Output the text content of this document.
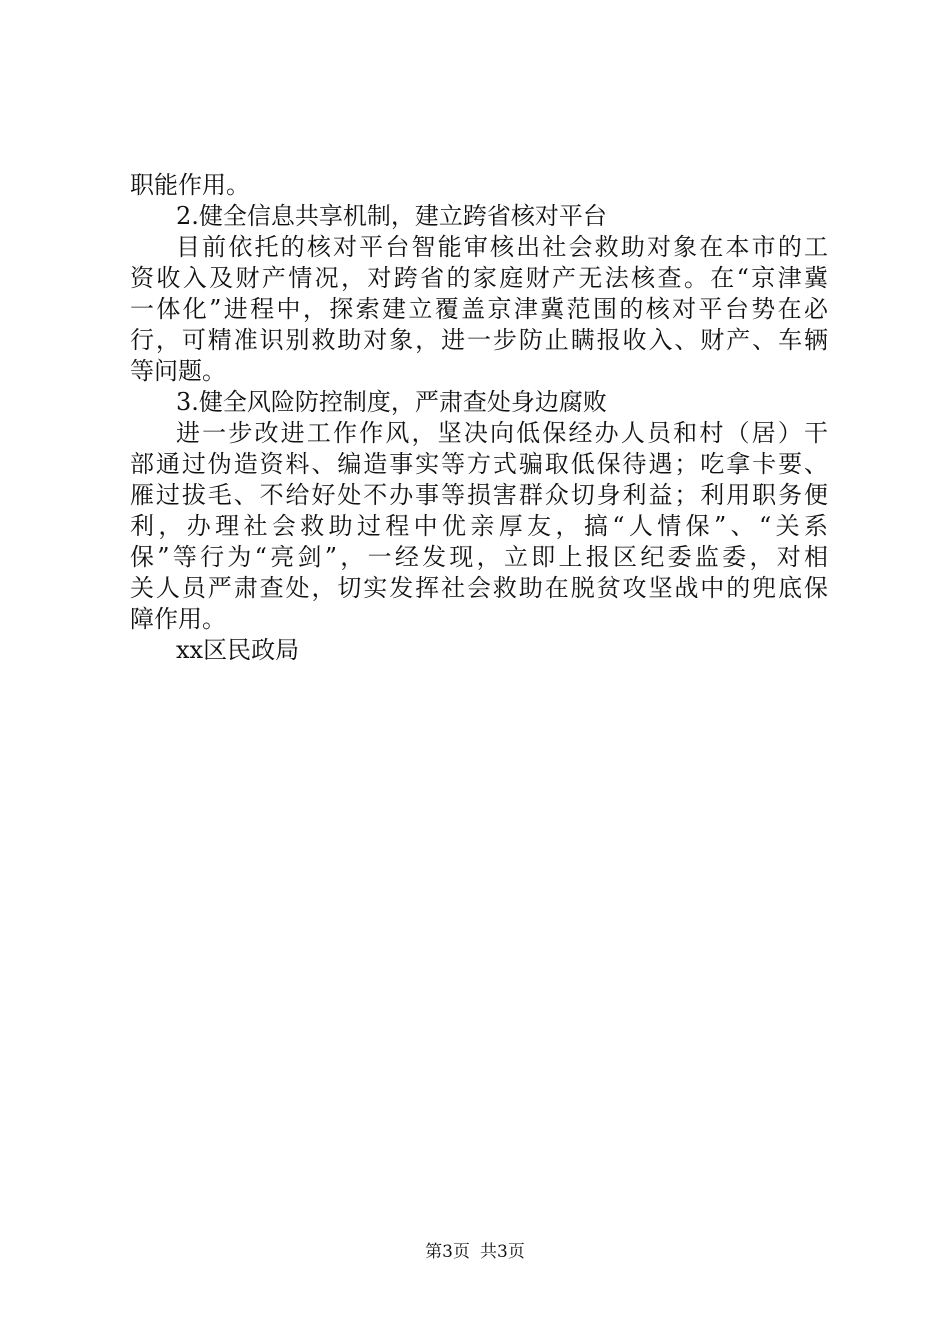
职能作用。
2.健全信息共享机制，建立跨省核对平台
目前依托的核对平台智能审核出社会救助对象在本市的工
资收入及财产情况，对跨省的家庭财产无法核查。在“京津冀
一体化”进程中，探索建立覆盖京津冀范围的核对平台势在必
行，可精准识别救助对象，进一步防止瞒报收入、财产、车辆
等问题。
3.健全风险防控制度，严肃查处身边腐败
进一步改进工作作风，坚决向低保经办人员和村（居）干
部通过伪造资料、编造事实等方式骗取低保待遇；吃拿卡要、
雁过拔毛、不给好处不办事等损害群众切身利益；利用职务便
利，办理社会救助过程中优亲厚友，搞“人情保”、“关系
保”等行为“亮剑”，一经发现，立即上报区纪委监委，对相
关人员严肃查处，切实发挥社会救助在脱贫攻坚战中的兜底保
障作用。
xx区民政局
第3页 共3页
